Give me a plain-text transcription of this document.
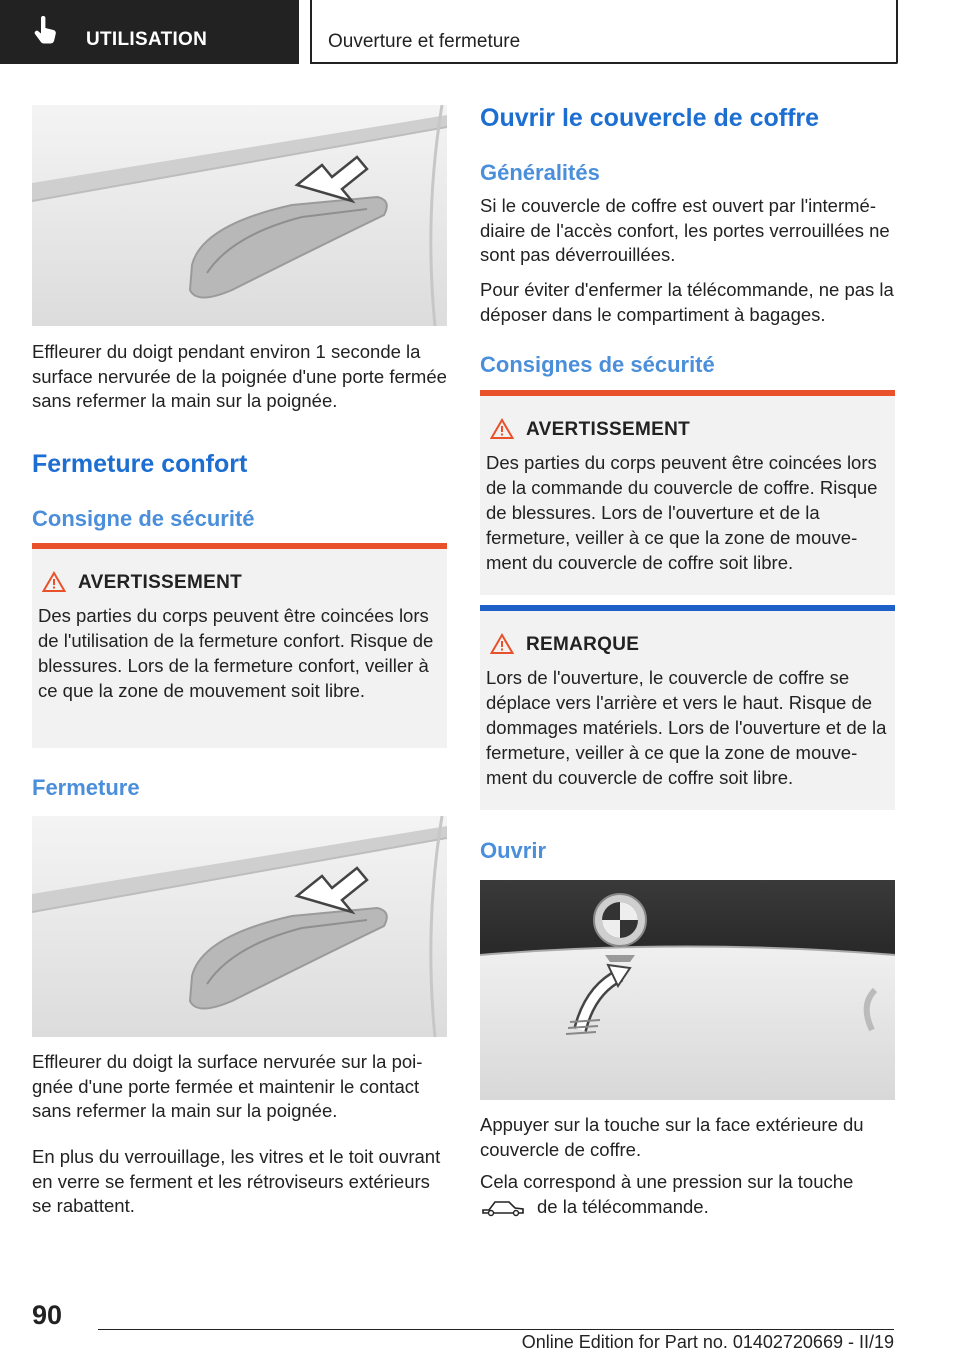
UTILISATION	Ouverture et fermeture
Effleurer du doigt pendant environ 1 seconde la surface nervurée de la poignée d'une porte fermée sans refermer la main sur la poignée.
Fermeture confort
Consigne de sécurité
AVERTISSEMENT
Des parties du corps peuvent être coincées lors de l'utilisation de la fermeture confort. Risque de blessures. Lors de la fermeture confort, veiller à ce que la zone de mouvement soit libre.
Fermeture
Effleurer du doigt la surface nervurée sur la poignée d'une porte fermée et maintenir le contact sans refermer la main sur la poignée.
En plus du verrouillage, les vitres et le toit ouvrant en verre se ferment et les rétroviseurs extérieurs se rabattent.
Ouvrir le couvercle de coffre
Généralités
Si le couvercle de coffre est ouvert par l'intermédiaire de l'accès confort, les portes verrouillées ne sont pas déverrouillées.
Pour éviter d'enfermer la télécommande, ne pas la déposer dans le compartiment à bagages.
Consignes de sécurité
AVERTISSEMENT
Des parties du corps peuvent être coincées lors de la commande du couvercle de coffre. Risque de blessures. Lors de l'ouverture et de la fermeture, veiller à ce que la zone de mouvement du couvercle de coffre soit libre.
REMARQUE
Lors de l'ouverture, le couvercle de coffre se déplace vers l'arrière et vers le haut. Risque de dommages matériels. Lors de l'ouverture et de la fermeture, veiller à ce que la zone de mouvement du couvercle de coffre soit libre.
Ouvrir
Appuyer sur la touche sur la face extérieure du couvercle de coffre.
Cela correspond à une pression sur la touche
de la télécommande.
90
Online Edition for Part no. 01402720669 - II/19
